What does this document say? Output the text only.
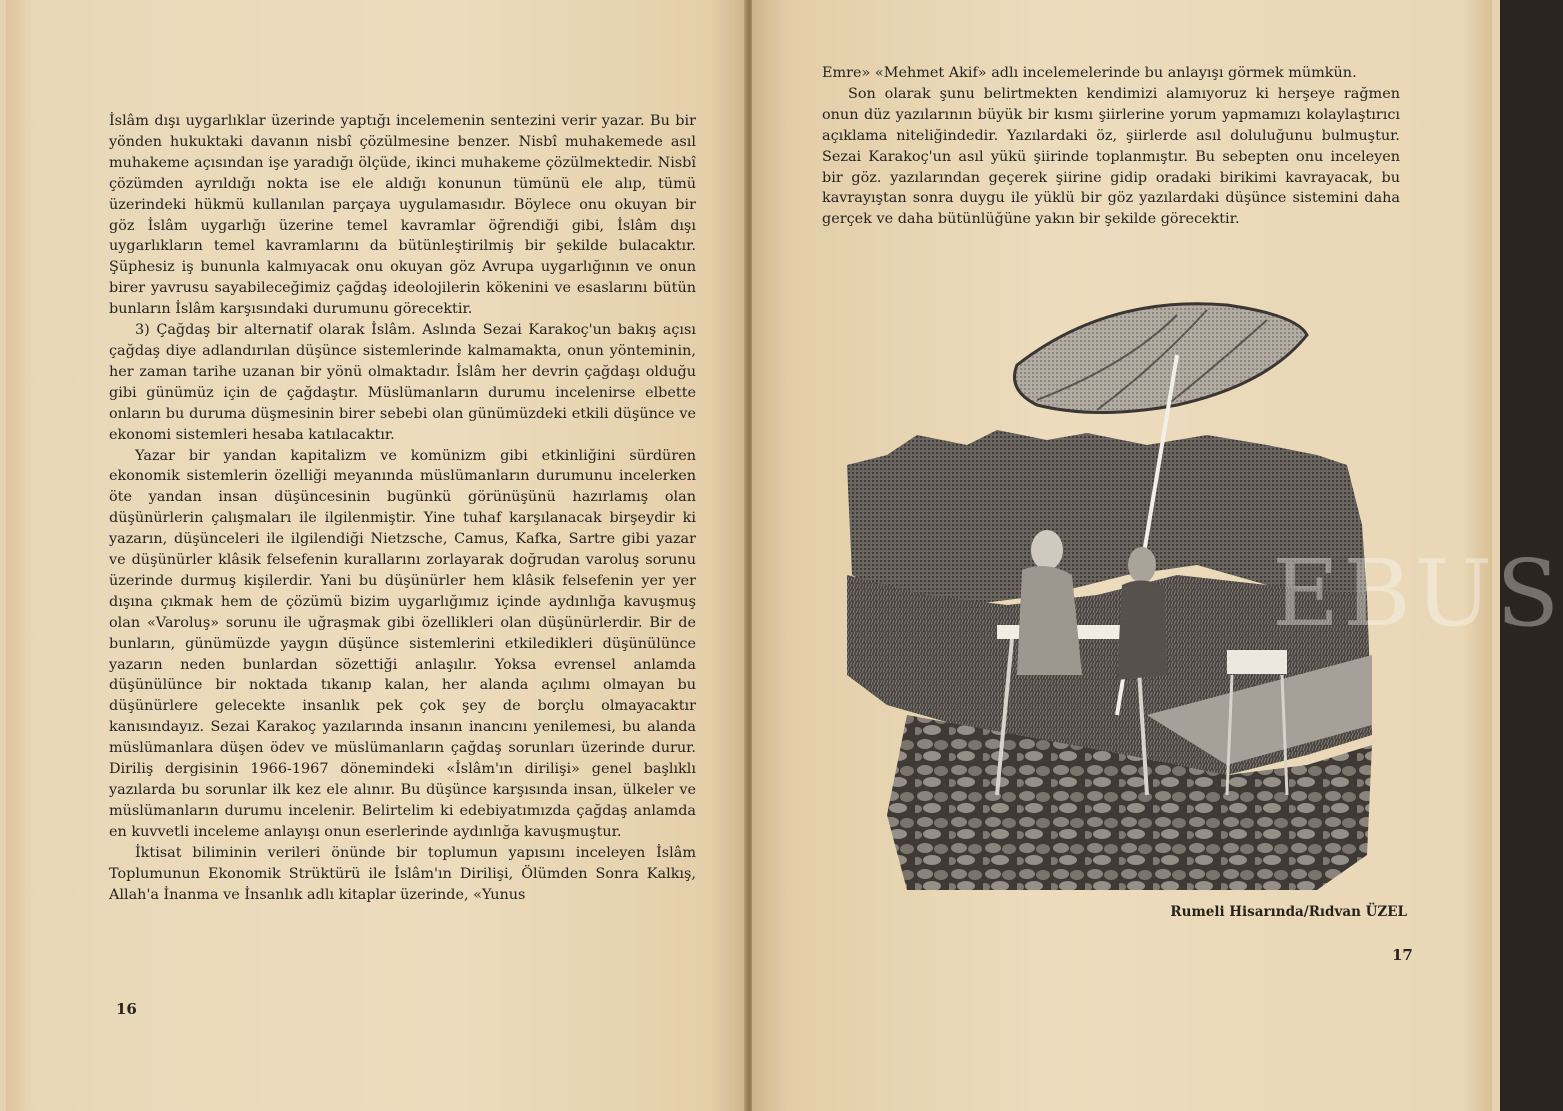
İslâm dışı uygarlıklar üzerinde yaptığı incelemenin sentezini verir yazar. Bu bir yönden hukuktaki davanın nisbî çözülmesine benzer. Nisbî muhakemede asıl muhakeme açısından işe yaradığı ölçüde, ikinci muhakeme çözülmektedir. Nisbî çözümden ayrıldığı nokta ise ele aldığı konunun tümünü ele alıp, tümü üzerindeki hükmü kullanılan parçaya uygulamasıdır. Böylece onu okuyan bir göz İslâm uygarlığı üzerine temel kavramlar öğrendiği gibi, İslâm dışı uygarlıkların temel kavramlarını da bütünleştirilmiş bir şekilde bulacaktır. Şüphesiz iş bununla kalmıyacak onu okuyan göz Avrupa uygarlığının ve onun birer yavrusu sayabileceğimiz çağdaş ideolojilerin kökenini ve esaslarını bütün bunların İslâm karşısındaki durumunu görecektir.

3) Çağdaş bir alternatif olarak İslâm. Aslında Sezai Karakoç'un bakış açısı çağdaş diye adlandırılan düşünce sistemlerinde kalmamakta, onun yönteminin, her zaman tarihe uzanan bir yönü olmaktadır. İslâm her devrin çağdaşı olduğu gibi günümüz için de çağdaştır. Müslümanların durumu incelenirse elbette onların bu duruma düşmesinin birer sebebi olan günümüzdeki etkili düşünce ve ekonomi sistemleri hesaba katılacaktır.

Yazar bir yandan kapitalizm ve komünizm gibi etkinliğini sürdüren ekonomik sistemlerin özelliği meyanında müslümanların durumunu incelerken öte yandan insan düşüncesinin bugünkü görünüşünü hazırlamış olan düşünürlerin çalışmaları ile ilgilenmiştir. Yine tuhaf karşılanacak birşeydir ki yazarın, düşünceleri ile ilgilendiği Nietzsche, Camus, Kafka, Sartre gibi yazar ve düşünürler klâsik felsefenin kurallarını zorlayarak doğrudan varoluş sorunu üzerinde durmuş kişilerdir. Yani bu düşünürler hem klâsik felsefenin yer yer dışına çıkmak hem de çözümü bizim uygarlığımız içinde aydınlığa kavuşmuş olan «Varoluş» sorunu ile uğraşmak gibi özellikleri olan düşünürlerdir. Bir de bunların, günümüzde yaygın düşünce sistemlerini etkiledikleri düşünülünce yazarın neden bunlardan sözettiği anlaşılır. Yoksa evrensel anlamda düşünülünce bir noktada tıkanıp kalan, her alanda açılımı olmayan bu düşünürlere gelecekte insanlık pek çok şey de borçlu olmayacaktır kanısındayız. Sezai Karakoç yazılarında insanın inancını yenilemesi, bu alanda müslümanlara düşen ödev ve müslümanların çağdaş sorunları üzerinde durur. Diriliş dergisinin 1966-1967 dönemindeki «İslâm'ın dirilişi» genel başlıklı yazılarda bu sorunlar ilk kez ele alınır. Bu düşünce karşısında insan, ülkeler ve müslümanların durumu incelenir. Belirtelim ki edebiyatımızda çağdaş anlamda en kuvvetli inceleme anlayışı onun eserlerinde aydınlığa kavuşmuştur.

İktisat biliminin verileri önünde bir toplumun yapısını inceleyen İslâm Toplumunun Ekonomik Strüktürü ile İslâm'ın Dirilişi, Ölümden Sonra Kalkış, Allah'a İnanma ve İnsanlık adlı kitaplar üzerinde, «Yunus

16

Emre» «Mehmet Akif» adlı incelemelerinde bu anlayışı görmek mümkün.

Son olarak şunu belirtmekten kendimizi alamıyoruz ki herşeye rağmen onun düz yazılarının büyük bir kısmı şiirlerine yorum yapmamızı kolaylaştırıcı açıklama niteliğindedir. Yazılardaki öz, şiirlerde asıl doluluğunu bulmuştur. Sezai Karakoç'un asıl yükü şiirinde toplanmıştır. Bu sebepten onu inceleyen bir göz. yazılarından geçerek şiirine gidip oradaki birikimi kavrayacak, bu kavrayıştan sonra duygu ile yüklü bir göz yazılardaki düşünce sistemini daha gerçek ve daha bütünlüğüne yakın bir şekilde görecektir.

EBUS
Rumeli Hisarında/Rıdvan ÜZEL
17
